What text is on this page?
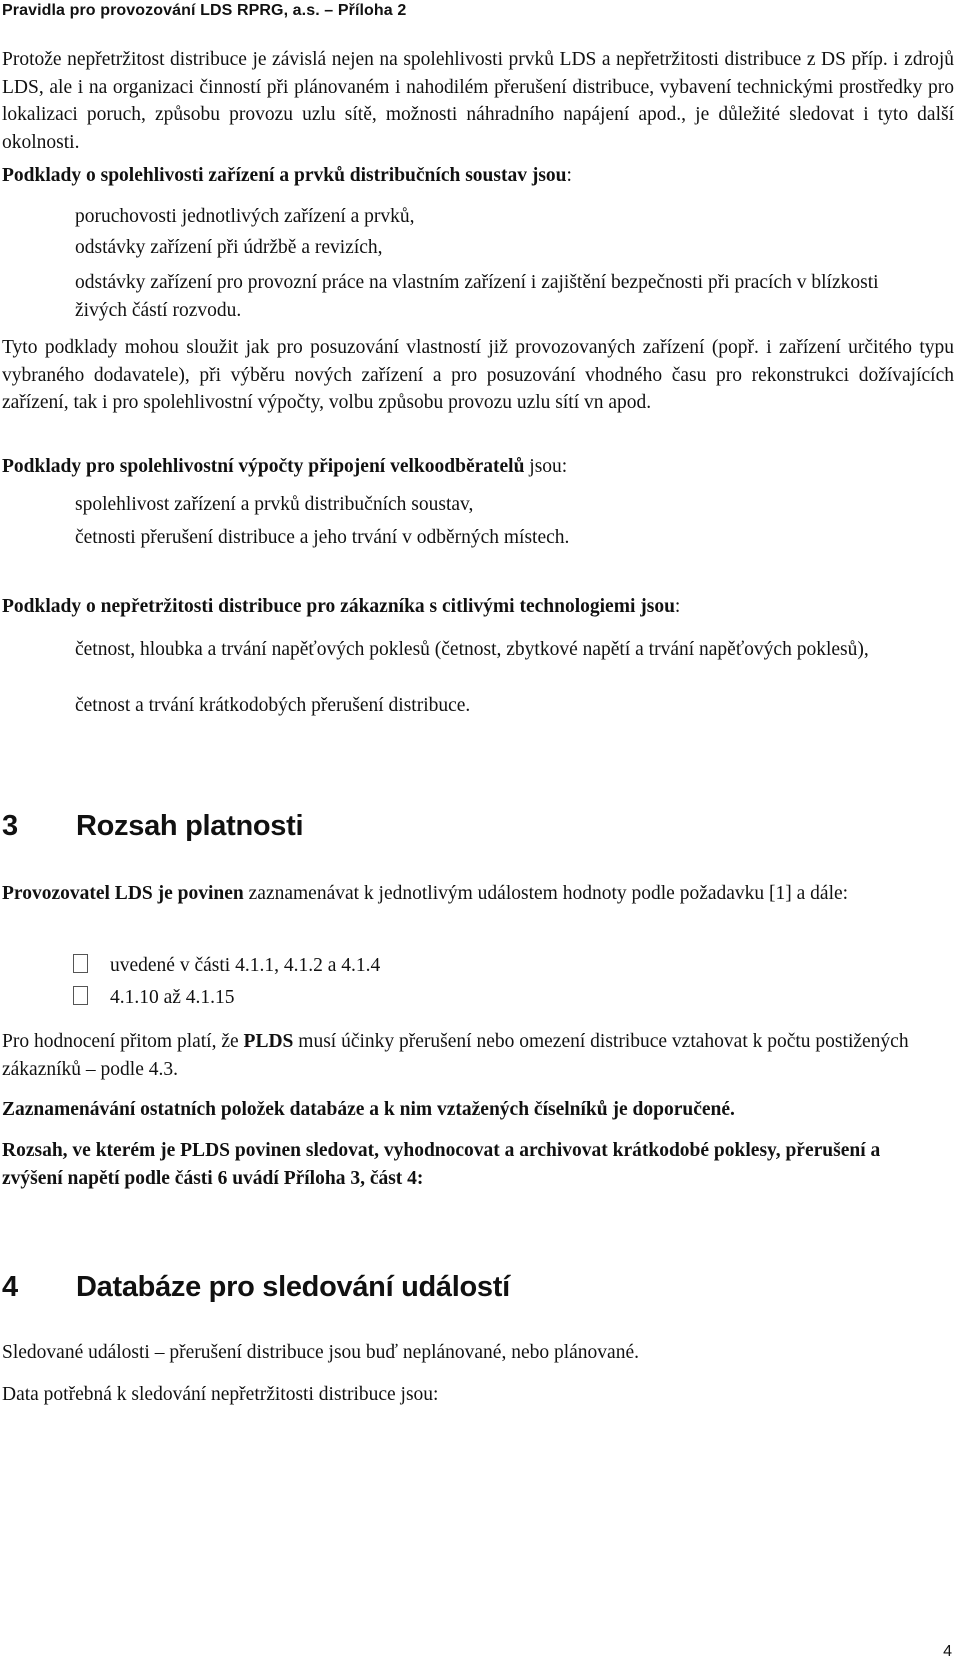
Pravidla pro provozování LDS RPRG, a.s. – Příloha 2

Protože nepřetržitost distribuce je závislá nejen na spolehlivosti prvků LDS a nepřetržitosti distribuce z DS příp. i zdrojů LDS, ale i na organizaci činností při plánovaném i nahodilém přerušení distribuce, vybavení technickými prostředky pro lokalizaci poruch, způsobu provozu uzlu sítě, možnosti náhradního napájení apod., je důležité sledovat i tyto další okolnosti.

Podklady o spolehlivosti zařízení a prvků distribučních soustav jsou:

poruchovosti jednotlivých zařízení a prvků,

odstávky zařízení při údržbě a revizích,

odstávky zařízení pro provozní práce na vlastním zařízení i zajištění bezpečnosti při pracích v blízkosti živých částí rozvodu.

Tyto podklady mohou sloužit jak pro posuzování vlastností již provozovaných zařízení (popř. i zařízení určitého typu vybraného dodavatele), při výběru nových zařízení a pro posuzování vhodného času pro rekonstrukci dožívajících zařízení, tak i pro spolehlivostní výpočty, volbu způsobu provozu uzlu sítí vn apod.

Podklady pro spolehlivostní výpočty připojení velkoodběratelů jsou:

spolehlivost zařízení a prvků distribučních soustav,

četnosti přerušení distribuce a jeho trvání v odběrných místech.

Podklady o nepřetržitosti distribuce pro zákazníka s citlivými technologiemi jsou:

četnost, hloubka a trvání napěťových poklesů (četnost, zbytkové napětí a trvání napěťových poklesů),

četnost a trvání krátkodobých přerušení distribuce.

3 Rozsah platnosti

Provozovatel LDS je povinen zaznamenávat k jednotlivým událostem hodnoty podle požadavku [1] a dále:

uvedené v části 4.1.1, 4.1.2 a 4.1.4
4.1.10 až 4.1.15

Pro hodnocení přitom platí, že PLDS musí účinky přerušení nebo omezení distribuce vztahovat k počtu postižených zákazníků – podle 4.3.

Zaznamenávání ostatních položek databáze a k nim vztažených číselníků je doporučené.

Rozsah, ve kterém je PLDS povinen sledovat, vyhodnocovat a archivovat krátkodobé poklesy, přerušení a zvýšení napětí podle části 6 uvádí Příloha 3, část 4:

4 Databáze pro sledování událostí

Sledované události – přerušení distribuce jsou buď neplánované, nebo plánované.

Data potřebná k sledování nepřetržitosti distribuce jsou:

4
